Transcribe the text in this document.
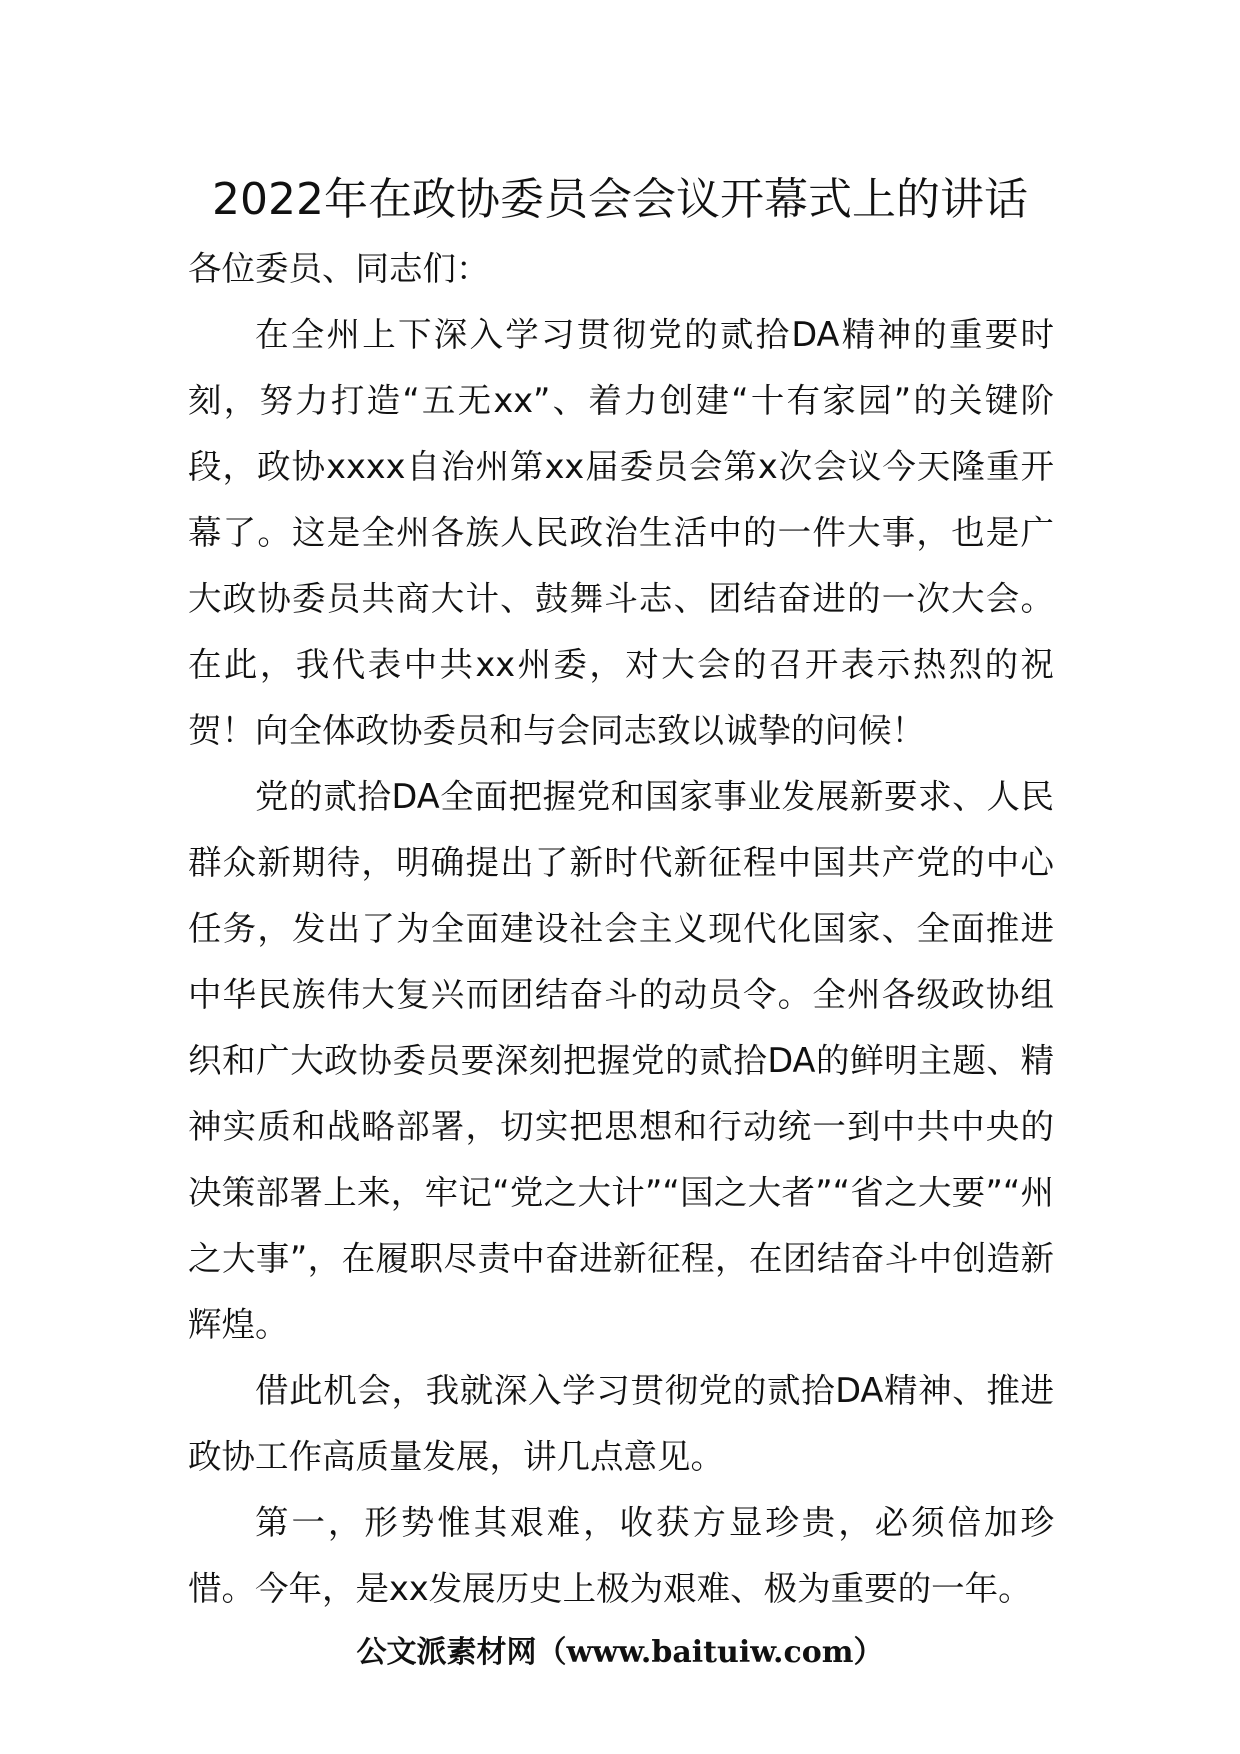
2022年在政协委员会会议开幕式上的讲话

各位委员、同志们：

在全州上下深入学习贯彻党的贰拾DA精神的重要时刻，努力打造“五无xx”、着力创建“十有家园”的关键阶段，政协xxxx自治州第xx届委员会第x次会议今天隆重开幕了。这是全州各族人民政治生活中的一件大事，也是广大政协委员共商大计、鼓舞斗志、团结奋进的一次大会。在此，我代表中共xx州委，对大会的召开表示热烈的祝贺！向全体政协委员和与会同志致以诚挚的问候！

党的贰拾DA全面把握党和国家事业发展新要求、人民群众新期待，明确提出了新时代新征程中国共产党的中心任务，发出了为全面建设社会主义现代化国家、全面推进中华民族伟大复兴而团结奋斗的动员令。全州各级政协组织和广大政协委员要深刻把握党的贰拾DA的鲜明主题、精神实质和战略部署，切实把思想和行动统一到中共中央的决策部署上来，牢记“党之大计”“国之大者”“省之大要”“州之大事”，在履职尽责中奋进新征程，在团结奋斗中创造新辉煌。

借此机会，我就深入学习贯彻党的贰拾DA精神、推进政协工作高质量发展，讲几点意见。

第一，形势惟其艰难，收获方显珍贵，必须倍加珍惜。今年，是xx发展历史上极为艰难、极为重要的一年。

公文派素材网（www.baituiw.com）
